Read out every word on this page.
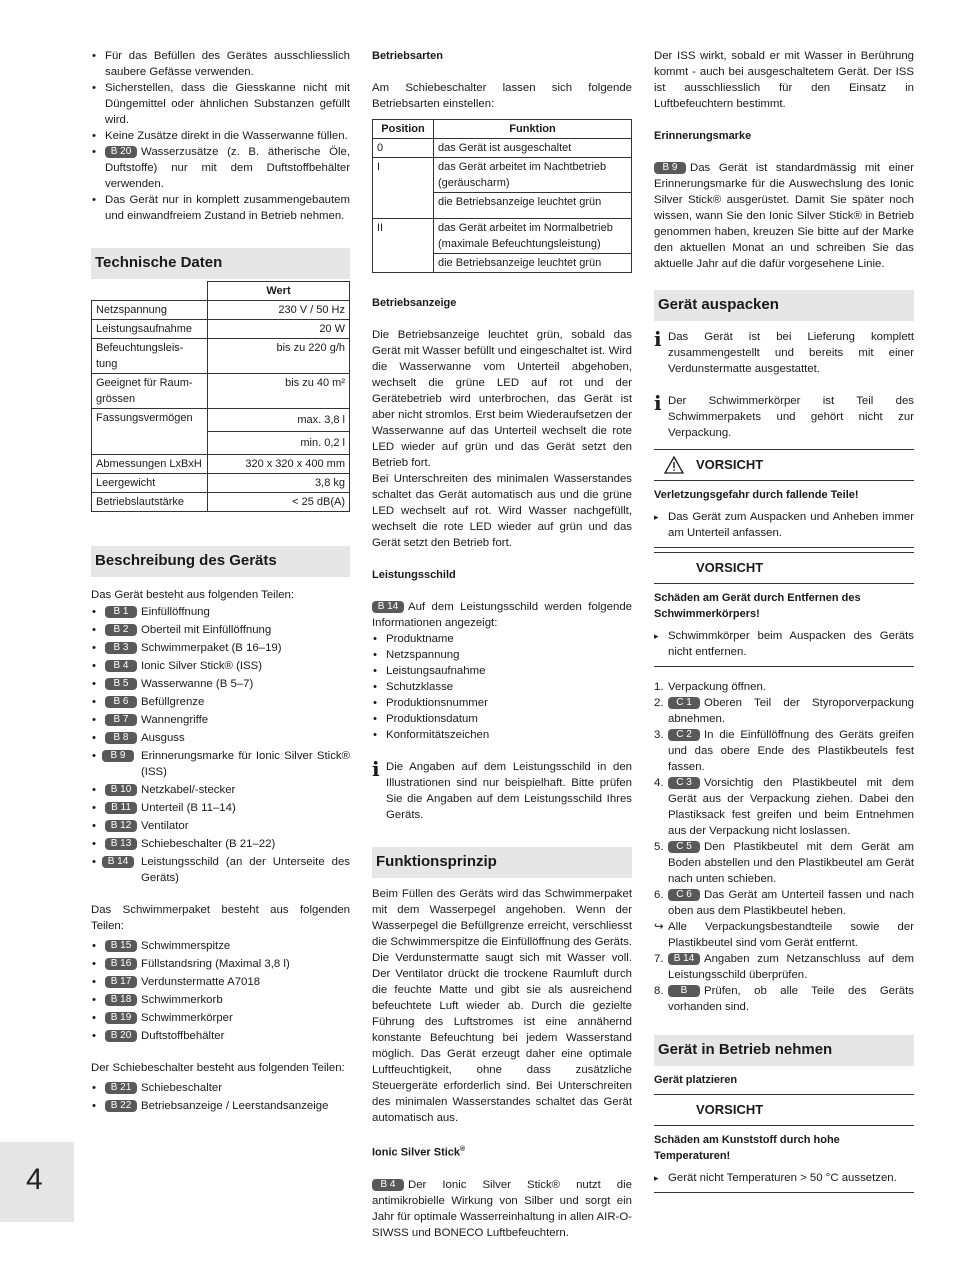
• Für das Befüllen des Gerätes ausschliesslich saubere Gefässe verwenden.
• Sicherstellen, dass die Giesskanne nicht mit Düngemittel oder ähnlichen Substanzen gefüllt wird.
• Keine Zusätze direkt in die Wasserwanne füllen.
• B 20 Wasserzusätze (z. B. ätherische Öle, Duftstoffe) nur mit dem Duftstoffbehälter verwenden.
• Das Gerät nur in komplett zusammengebautem und einwandfreiem Zustand in Betrieb nehmen.
Technische Daten
	Wert
Netzspannung	230 V / 50 Hz
Leistungsaufnahme	20 W
Befeuchtungsleis-tung	bis zu 220 g/h
Geeignet für Raum-grössen	bis zu 40 m²
Fassungsvermögen	max. 3,8 l
	min. 0,2 l
Abmessungen LxBxH	320 x 320 x 400 mm
Leergewicht	3,8 kg
Betriebslautstärke	< 25 dB(A)
Beschreibung des Geräts

Das Gerät besteht aus folgenden Teilen:

• B 1 Einfüllöffnung
• B 2 Oberteil mit Einfüllöffnung
• B 3 Schwimmerpaket (B 16–19)
• B 4 Ionic Silver Stick® (ISS)
• B 5 Wasserwanne (B 5–7)
• B 6 Befüllgrenze
• B 7 Wannengriffe
• B 8 Ausguss
• B 9	Erinnerungsmarke für Ionic Silver Stick® (ISS)
• B 10 Netzkabel/-stecker
• B 11 Unterteil (B 11–14)
• B 12 Ventilator
• B 13 Schiebeschalter (B 21–22)
• B 14	Leistungsschild (an der Unterseite des Geräts)

Das Schwimmerpaket besteht aus folgenden Teilen:

• B 15 Schwimmerspitze
• B 16 Füllstandsring (Maximal 3,8 l)
• B 17 Verdunstermatte A7018
• B 18 Schwimmerkorb
• B 19 Schwimmerkörper
• B 20 Duftstoffbehälter

Der Schiebeschalter besteht aus folgenden Teilen:

• B 21 Schiebeschalter
• B 22 Betriebsanzeige / Leerstandsanzeige
Betriebsarten

Am Schiebeschalter lassen sich folgende Betriebsarten einstellen:

Position	Funktion
0	das Gerät ist ausgeschaltet
I	das Gerät arbeitet im Nachtbetrieb (geräuscharm)
	die Betriebsanzeige leuchtet grün
II	das Gerät arbeitet im Normalbetrieb (maximale Befeuchtungsleistung)
	die Betriebsanzeige leuchtet grün
Betriebsanzeige

Die Betriebsanzeige leuchtet grün, sobald das Gerät mit Wasser befüllt und eingeschaltet ist. Wird die Wasserwanne vom Unterteil abgehoben, wechselt die grüne LED auf rot und der Gerätebetrieb wird unterbrochen, das Gerät ist aber nicht stromlos. Erst beim Wiederaufsetzen der Wasserwanne auf das Unterteil wechselt die rote LED wieder auf grün und das Gerät setzt den Betrieb fort.

Bei Unterschreiten des minimalen Wasserstandes schaltet das Gerät automatisch aus und die grüne LED wechselt auf rot. Wird Wasser nachgefüllt, wechselt die rote LED wieder auf grün und das Gerät setzt den Betrieb fort.

Leistungsschild

B 14 Auf dem Leistungsschild werden folgende Informationen angezeigt:

• Produktname
• Netzspannung
• Leistungsaufnahme
• Schutzklasse
• Produktionsnummer
• Produktionsdatum
• Konformitätszeichen
i Die Angaben auf dem Leistungsschild in den Illustrationen sind nur beispielhaft. Bitte prüfen Sie die Angaben auf dem Leistungsschild Ihres Geräts.
Funktionsprinzip

Beim Füllen des Geräts wird das Schwimmerpaket mit dem Wasserpegel angehoben. Wenn der Wasserpegel die Befüllgrenze erreicht, verschliesst die Schwimmerspitze die Einfüllöffnung des Geräts. Die Verdunstermatte saugt sich mit Wasser voll. Der Ventilator drückt die trockene Raumluft durch die feuchte Matte und gibt sie als ausreichend befeuchtete Luft wieder ab. Durch die gezielte Führung des Luftstromes ist eine annähernd konstante Befeuchtung bei jedem Wasserstand möglich. Das Gerät erzeugt daher eine optimale Luftfeuchtigkeit, ohne dass zusätzliche Steuergeräte erforderlich sind. Bei Unterschreiten des minimalen Wasserstandes schaltet das Gerät automatisch aus.

Ionic Silver Stick®

B 4 Der Ionic Silver Stick® nutzt die antimikrobielle Wirkung von Silber und sorgt ein Jahr für optimale Wasserreinhaltung in allen AIR-O-SIWSS und BONECO Luftbefeuchtern.

Der ISS wirkt, sobald er mit Wasser in Berührung kommt - auch bei ausgeschaltetem Gerät. Der ISS ist ausschliesslich für den Einsatz in Luftbefeuchtern bestimmt.

Erinnerungsmarke

B 9 Das Gerät ist standardmässig mit einer Erinnerungsmarke für die Auswechslung des Ionic Silver Stick® ausgerüstet. Damit Sie später noch wissen, wann Sie den Ionic Silver Stick® in Betrieb genommen haben, kreuzen Sie bitte auf der Marke den aktuellen Monat an und schreiben Sie das aktuelle Jahr auf die dafür vorgesehene Linie.

Gerät auspacken
i Das Gerät ist bei Lieferung komplett zusammengestellt und bereits mit einer Verdunstermatte ausgestattet.
i Der Schwimmerkörper ist Teil des Schwimmerpakets und gehört nicht zur Verpackung.
VORSICHT
Verletzungsgefahr durch fallende Teile!
▸ Das Gerät zum Auspacken und Anheben immer am Unterteil anfassen.
VORSICHT
Schäden am Gerät durch Entfernen des Schwimmerkörpers!
▸ Schwimmkörper beim Auspacken des Geräts nicht entfernen.
1. Verpackung öffnen.
2. C 1 Oberen Teil der Styroporverpackung abnehmen.
3. C 2 In die Einfüllöffnung des Geräts greifen und das obere Ende des Plastikbeutels fest fassen.
4. C 3 Vorsichtig den Plastikbeutel mit dem Gerät aus der Verpackung ziehen. Dabei den Plastiksack fest greifen und beim Entnehmen aus der Verpackung nicht loslassen.
5. C 5 Den Plastikbeutel mit dem Gerät am Boden abstellen und den Plastikbeutel am Gerät nach unten schieben.
6. C 6 Das Gerät am Unterteil fassen und nach oben aus dem Plastikbeutel heben.
↪ Alle Verpackungsbestandteile sowie der Plastikbeutel sind vom Gerät entfernt.
7. B 14 Angaben zum Netzanschluss auf dem Leistungsschild überprüfen.
8. B Prüfen, ob alle Teile des Geräts vorhanden sind.
Gerät in Betrieb nehmen
Gerät platzieren
VORSICHT
Schäden am Kunststoff durch hohe Temperaturen!
▸ Gerät nicht Temperaturen > 50 °C aussetzen.
4
